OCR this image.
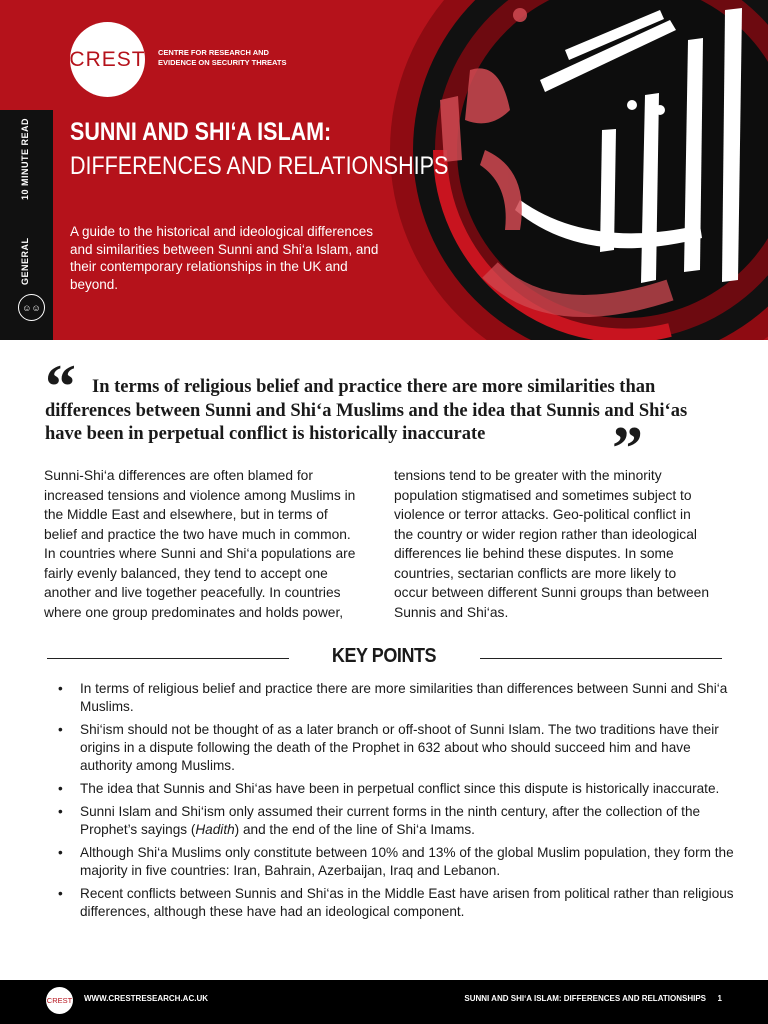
CREST CENTRE FOR RESEARCH AND
EVIDENCE ON SECURITY THREATS
10 MINUTE READ
GENERAL
☺☺
SUNNI AND SHI‘A ISLAM:
DIFFERENCES AND RELATIONSHIPS
A guide to the historical and ideological differences and similarities between Sunni and Shi‘a Islam, and their contemporary relationships in the UK and beyond.
“ In terms of religious belief and practice there are more similarities than differences between Sunni and Shi‘a Muslims and the idea that Sunnis and Shi‘as have been in perpetual conflict is historically inaccurate	”
Sunni-Shi‘a differences are often blamed for increased tensions and violence among Muslims in the Middle East and elsewhere, but in terms of belief and practice the two have much in common. In countries where Sunni and Shi‘a populations are fairly evenly balanced, they tend to accept one another and live together peacefully. In countries where one group predominates and holds power,
tensions tend to be greater with the minority population stigmatised and sometimes subject to violence or terror attacks. Geo-political conflict in the country or wider region rather than ideological differences lie behind these disputes. In some countries, sectarian conflicts are more likely to occur between different Sunni groups than between Sunnis and Shi‘as.
KEY POINTS
• In terms of religious belief and practice there are more similarities than differences between Sunni and Shi‘a Muslims.
• Shi‘ism should not be thought of as a later branch or off-shoot of Sunni Islam. The two traditions have their origins in a dispute following the death of the Prophet in 632 about who should succeed him and have authority among Muslims.
• The idea that Sunnis and Shi‘as have been in perpetual conflict since this dispute is historically inaccurate.
• Sunni Islam and Shi‘ism only assumed their current forms in the ninth century, after the collection of the Prophet’s sayings (Hadith) and the end of the line of Shi‘a Imams.
• Although Shi‘a Muslims only constitute between 10% and 13% of the global Muslim population, they form the majority in five countries: Iran, Bahrain, Azerbaijan, Iraq and Lebanon.
• Recent conflicts between Sunnis and Shi‘as in the Middle East have arisen from political rather than religious differences, although these have had an ideological component.
CREST WWW.CRESTRESEARCH.AC.UK	SUNNI AND SHI‘A ISLAM: DIFFERENCES AND RELATIONSHIPS 1
